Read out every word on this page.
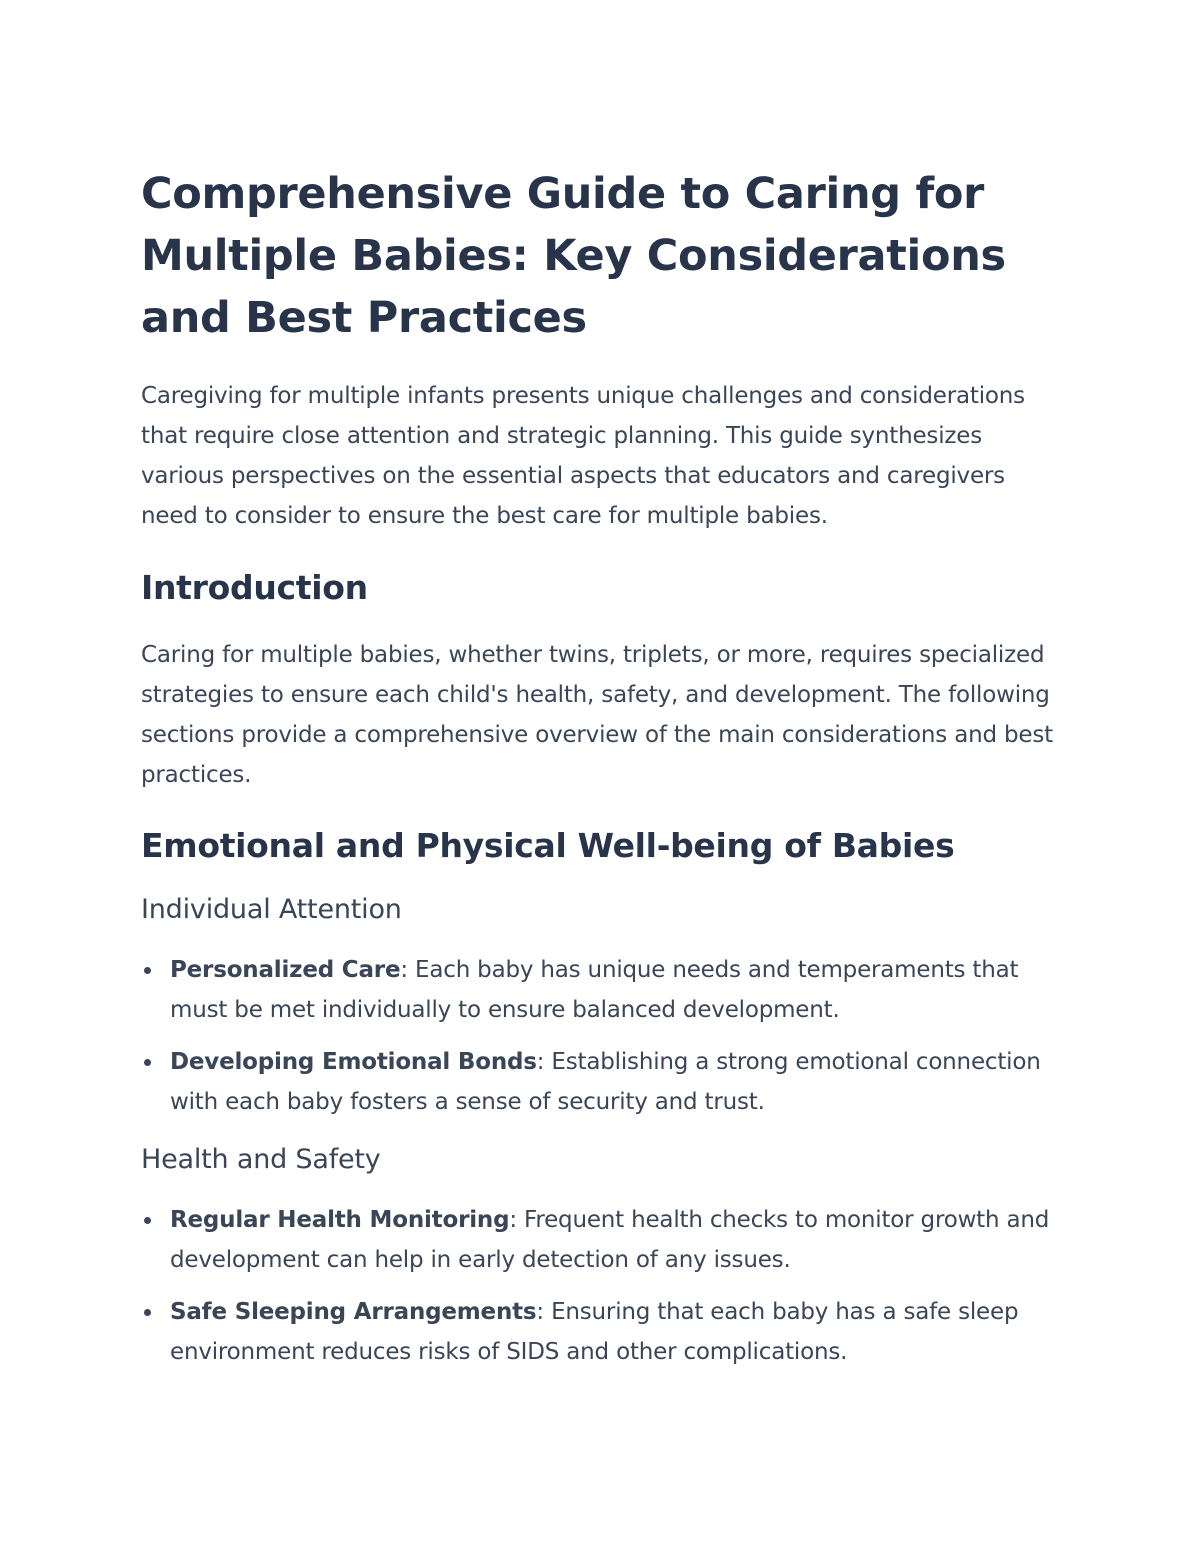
Comprehensive Guide to Caring for Multiple Babies: Key Considerations and Best Practices

Caregiving for multiple infants presents unique challenges and considerations that require close attention and strategic planning. This guide synthesizes various perspectives on the essential aspects that educators and caregivers need to consider to ensure the best care for multiple babies.

Introduction

Caring for multiple babies, whether twins, triplets, or more, requires specialized strategies to ensure each child's health, safety, and development. The following sections provide a comprehensive overview of the main considerations and best practices.

Emotional and Physical Well-being of Babies
Individual Attention
Personalized Care: Each baby has unique needs and temperaments that must be met individually to ensure balanced development.
Developing Emotional Bonds: Establishing a strong emotional connection with each baby fosters a sense of security and trust.
Health and Safety
Regular Health Monitoring: Frequent health checks to monitor growth and development can help in early detection of any issues.
Safe Sleeping Arrangements: Ensuring that each baby has a safe sleep environment reduces risks of SIDS and other complications.
